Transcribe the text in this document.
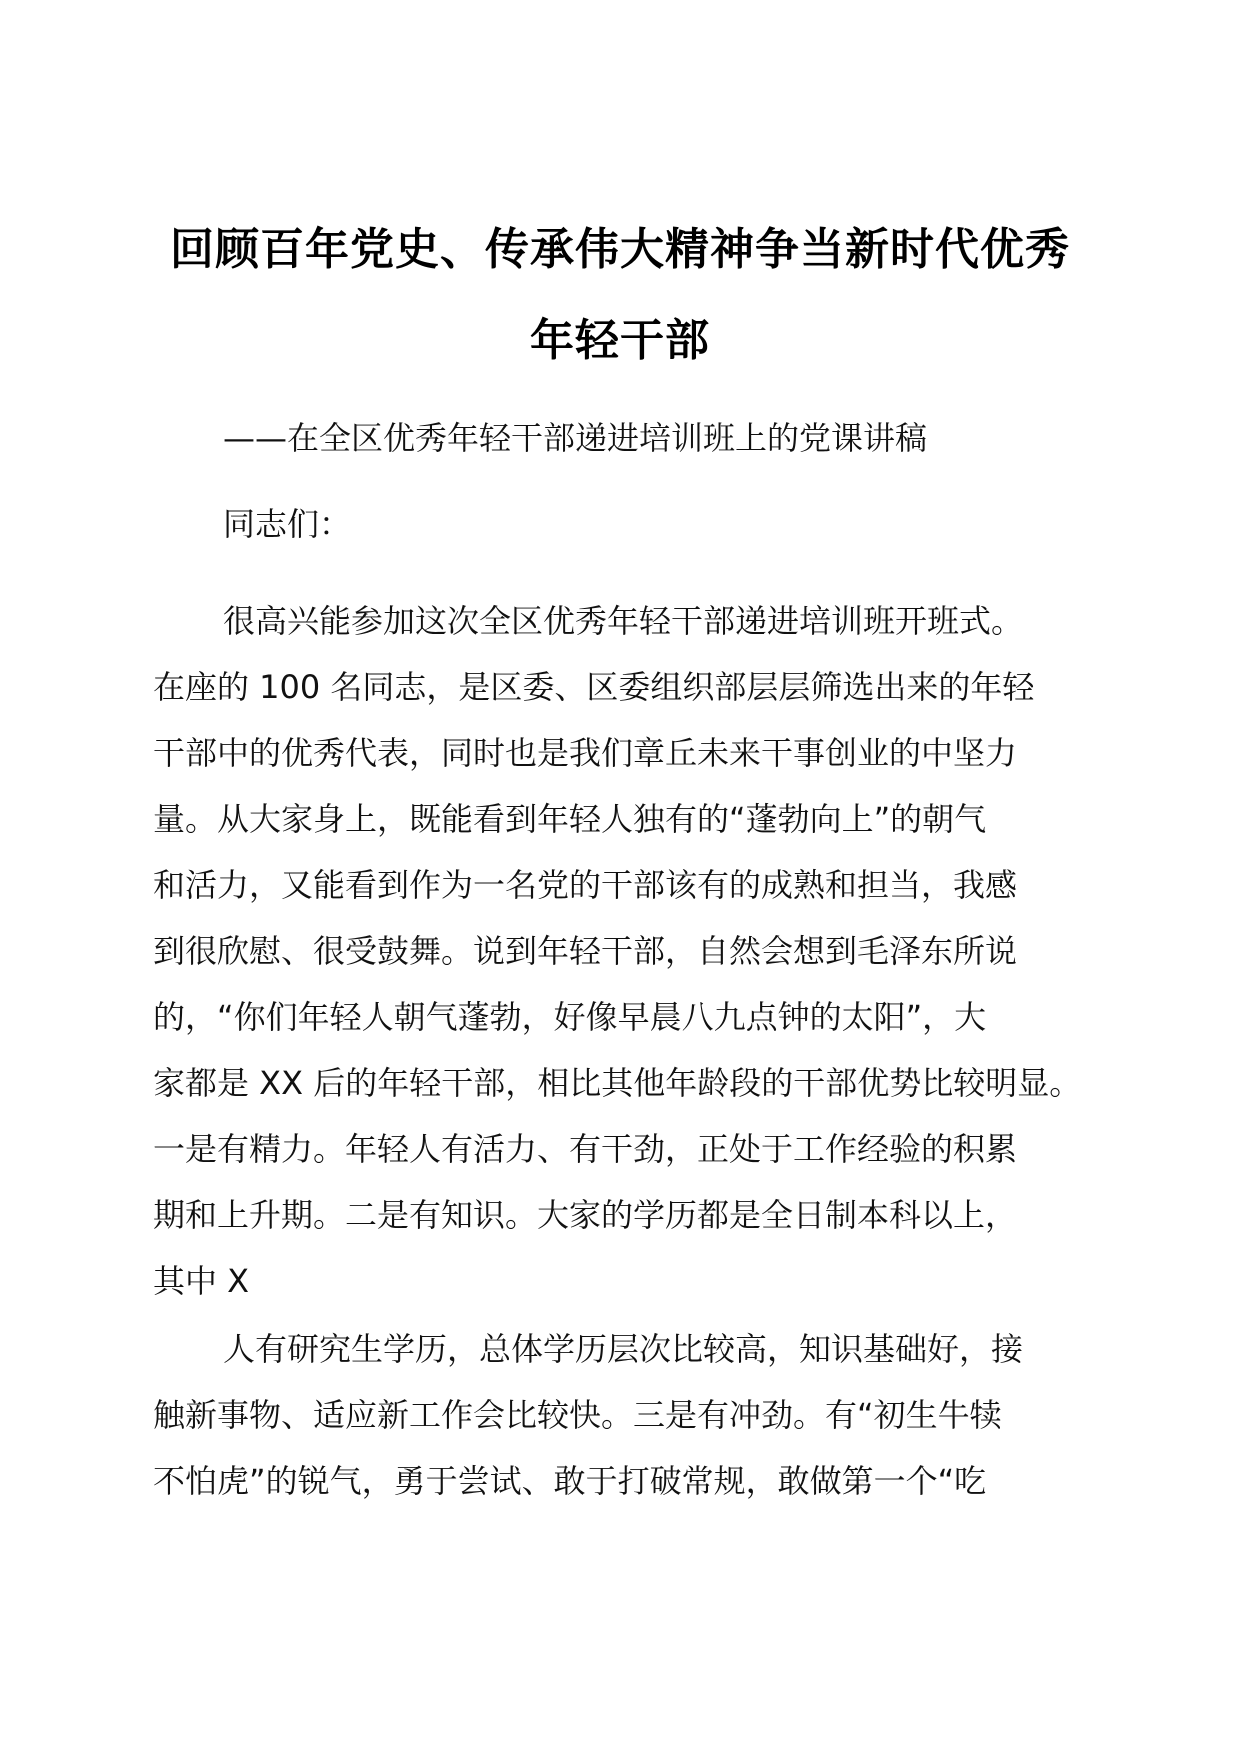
回顾百年党史、传承伟大精神争当新时代优秀
年轻干部
——在全区优秀年轻干部递进培训班上的党课讲稿
同志们：
很高兴能参加这次全区优秀年轻干部递进培训班开班式。
在座的 100 名同志，是区委、区委组织部层层筛选出来的年轻
干部中的优秀代表，同时也是我们章丘未来干事创业的中坚力
量。从大家身上，既能看到年轻人独有的“蓬勃向上”的朝气
和活力，又能看到作为一名党的干部该有的成熟和担当，我感
到很欣慰、很受鼓舞。说到年轻干部，自然会想到毛泽东所说
的，“你们年轻人朝气蓬勃，好像早晨八九点钟的太阳”，大
家都是 XX 后的年轻干部，相比其他年龄段的干部优势比较明显。
一是有精力。年轻人有活力、有干劲，正处于工作经验的积累
期和上升期。二是有知识。大家的学历都是全日制本科以上，
其中 X
人有研究生学历，总体学历层次比较高，知识基础好，接
触新事物、适应新工作会比较快。三是有冲劲。有“初生牛犊
不怕虎”的锐气，勇于尝试、敢于打破常规，敢做第一个“吃
